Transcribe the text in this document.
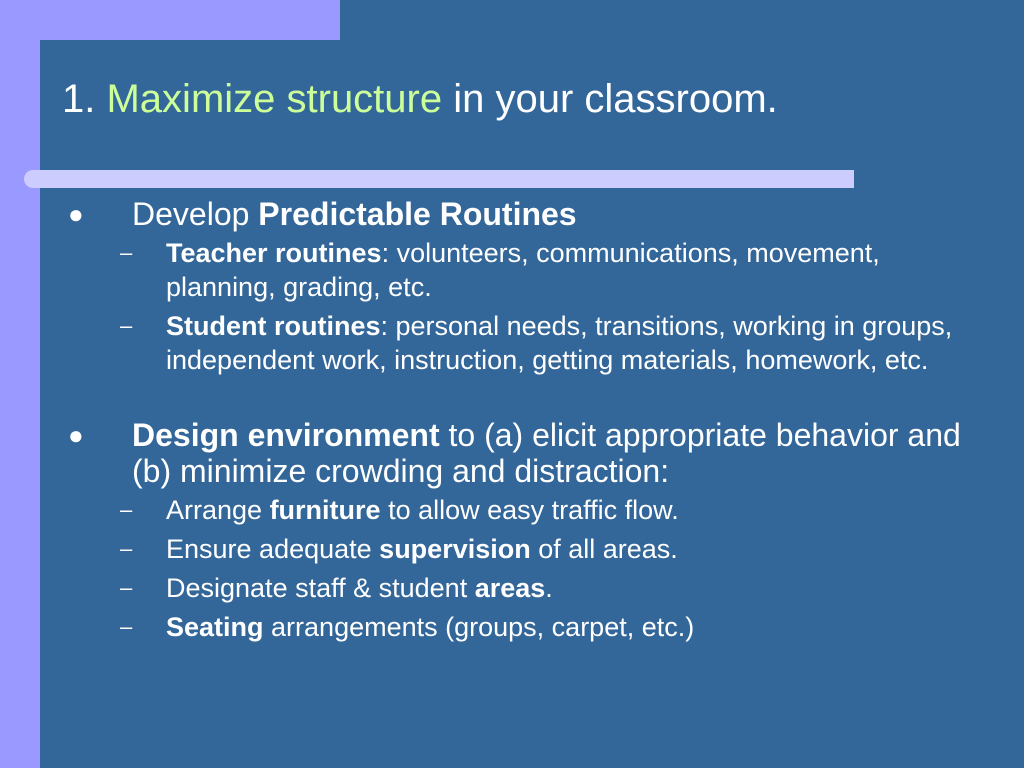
1. Maximize structure in your classroom.
● Develop Predictable Routines
– Teacher routines: volunteers, communications, movement, planning, grading, etc.
– Student routines: personal needs, transitions, working in groups, independent work, instruction, getting materials, homework, etc.
● Design environment to (a) elicit appropriate behavior and (b) minimize crowding and distraction:
– Arrange furniture to allow easy traffic flow.
– Ensure adequate supervision of all areas.
– Designate staff & student areas.
– Seating arrangements (groups, carpet, etc.)
